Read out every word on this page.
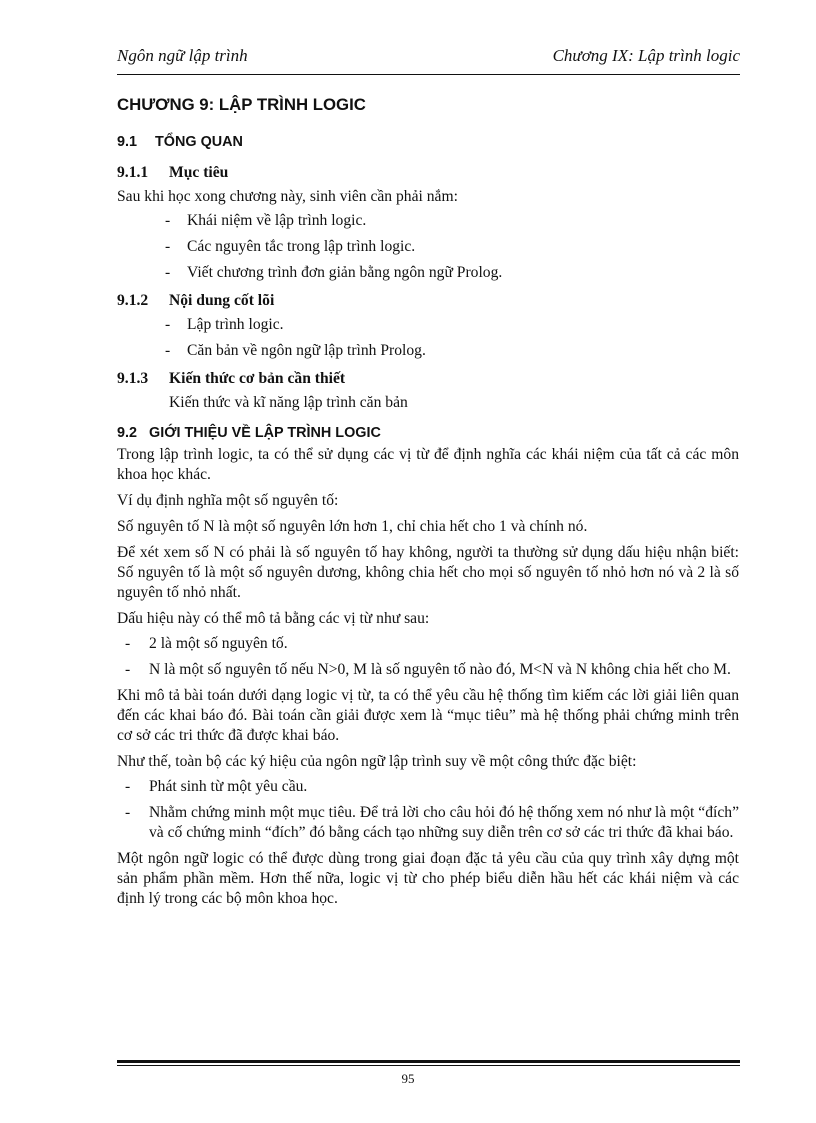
Ngôn ngữ lập trình	Chương IX: Lập trình logic
CHƯƠNG 9: LẬP TRÌNH LOGIC
9.1 TỔNG QUAN
9.1.1 Mục tiêu
Sau khi học xong chương này, sinh viên cần phải nắm:
- Khái niệm về lập trình logic.
- Các nguyên tắc trong lập trình logic.
- Viết chương trình đơn giản bằng ngôn ngữ Prolog.
9.1.2 Nội dung cốt lõi
- Lập trình logic.
- Căn bản về ngôn ngữ lập trình Prolog.
9.1.3 Kiến thức cơ bản cần thiết
Kiến thức và kĩ năng lập trình căn bản
9.2 GIỚI THIỆU VỀ LẬP TRÌNH LOGIC
Trong lập trình logic, ta có thể sử dụng các vị từ để định nghĩa các khái niệm của tất cả các môn khoa học khác.
Ví dụ định nghĩa một số nguyên tố:
Số nguyên tố N là một số nguyên lớn hơn 1, chỉ chia hết cho 1 và chính nó.
Để xét xem số N có phải là số nguyên tố hay không, người ta thường sử dụng dấu hiệu nhận biết: Số nguyên tố là một số nguyên dương, không chia hết cho mọi số nguyên tố nhỏ hơn nó và 2 là số nguyên tố nhỏ nhất.
Dấu hiệu này có thể mô tả bằng các vị từ như sau:
- 2 là một số nguyên tố.
- N là một số nguyên tố nếu N>0, M là số nguyên tố nào đó, M<N và N không chia hết cho M.
Khi mô tả bài toán dưới dạng logic vị từ, ta có thể yêu cầu hệ thống tìm kiếm các lời giải liên quan đến các khai báo đó. Bài toán cần giải được xem là “mục tiêu” mà hệ thống phải chứng minh trên cơ sở các tri thức đã được khai báo.
Như thế, toàn bộ các ký hiệu của ngôn ngữ lập trình suy về một công thức đặc biệt:
- Phát sinh từ một yêu cầu.
- Nhằm chứng minh một mục tiêu. Để trả lời cho câu hỏi đó hệ thống xem nó như là một “đích” và cố chứng minh “đích” đó bằng cách tạo những suy diễn trên cơ sở các tri thức đã khai báo.
Một ngôn ngữ logic có thể được dùng trong giai đoạn đặc tả yêu cầu của quy trình xây dựng một sản phẩm phần mềm. Hơn thế nữa, logic vị từ cho phép biểu diễn hầu hết các khái niệm và các định lý trong các bộ môn khoa học.
95
